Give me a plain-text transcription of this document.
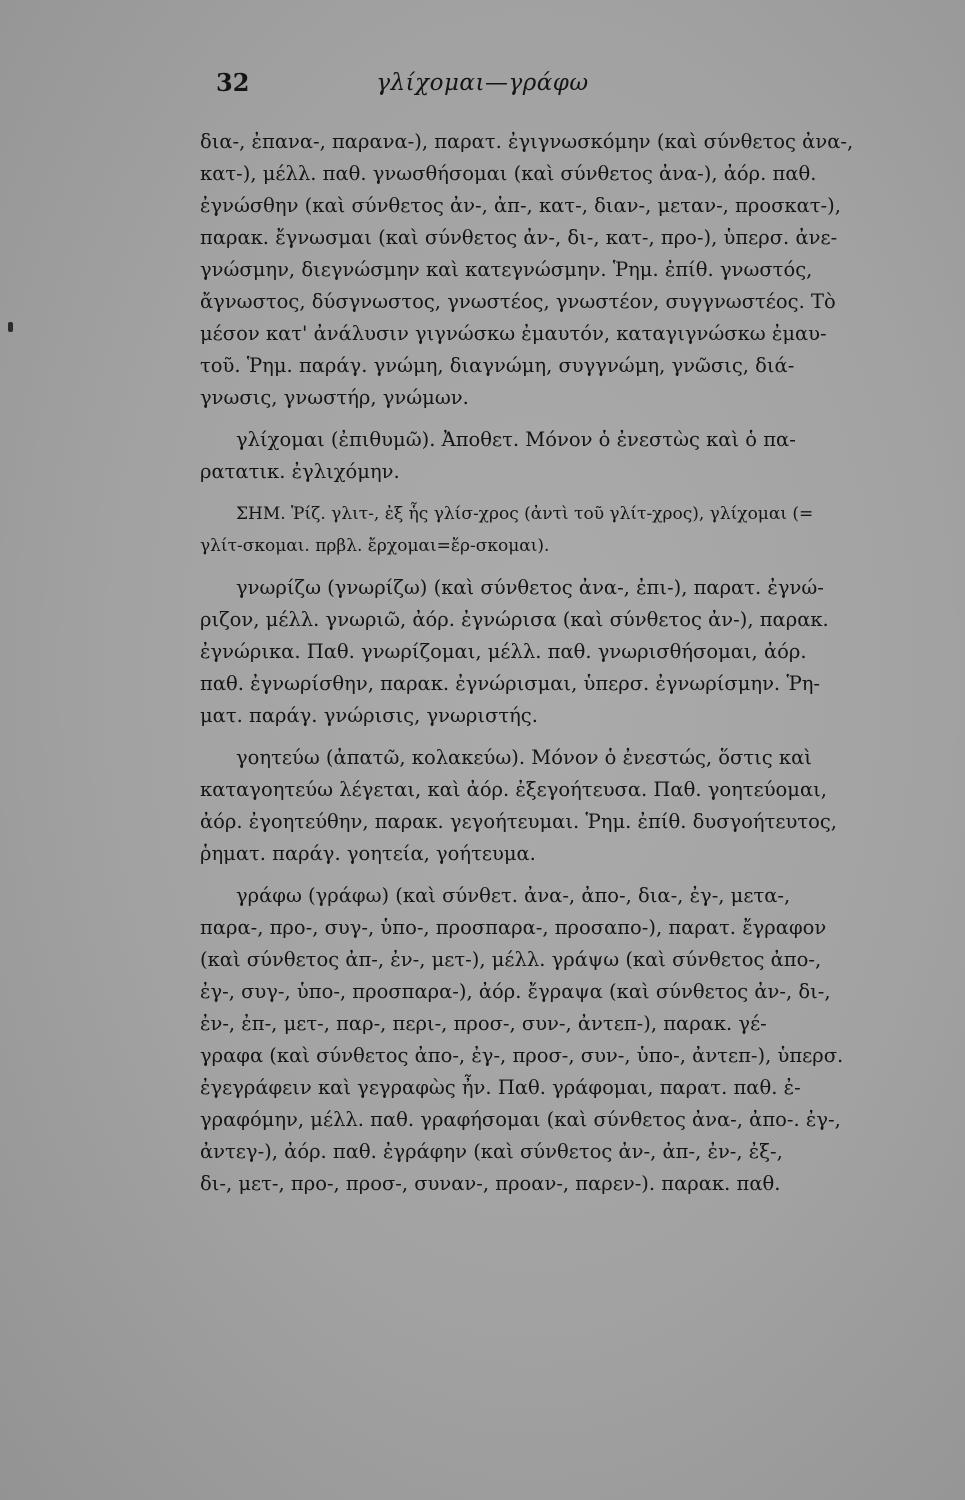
32	γλίχομαι—γράφω
δια-, ἐπανα-, παρανα-), παρατ. ἐγιγνωσκόμην (καὶ σύνθετος ἀνα-,
κατ-), μέλλ. παθ. γνωσθήσομαι (καὶ σύνθετος ἀνα-), ἀόρ. παθ.
ἐγνώσθην (καὶ σύνθετος ἀν-, ἀπ-, κατ-, διαν-, μεταν-, προσκατ-),
παρακ. ἔγνωσμαι (καὶ σύνθετος ἀν-, δι-, κατ-, προ-), ὑπερσ. ἀνε-
γνώσμην, διεγνώσμην καὶ κατεγνώσμην. Ῥημ. ἐπίθ. γνωστός,
ἄγνωστος, δύσγνωστος, γνωστέος, γνωστέον, συγγνωστέος. Τὸ
μέσον κατ' ἀνάλυσιν γιγνώσκω ἐμαυτόν, καταγιγνώσκω ἐμαυ-
τοῦ. Ῥημ. παράγ. γνώμη, διαγνώμη, συγγνώμη, γνῶσις, διά-
γνωσις, γνωστήρ, γνώμων.
γλίχομαι (ἐπιθυμῶ). Ἀποθετ. Μόνον ὁ ἐνεστὼς καὶ ὁ πα-
ρατατικ. ἐγλιχόμην.
ΣΗΜ. Ῥίζ. γλιτ-, ἐξ ἧς γλίσ-χρος (ἀντὶ τοῦ γλίτ-χρος), γλίχομαι (=
γλίτ-σκομαι. πρβλ. ἔρχομαι=ἔρ-σκομαι).
γνωρίζω (γνωρίζω) (καὶ σύνθετος ἀνα-, ἐπι-), παρατ. ἐγνώ-
ριζον, μέλλ. γνωριῶ, ἀόρ. ἐγνώρισα (καὶ σύνθετος ἀν-), παρακ.
ἐγνώρικα. Παθ. γνωρίζομαι, μέλλ. παθ. γνωρισθήσομαι, ἀόρ.
παθ. ἐγνωρίσθην, παρακ. ἐγνώρισμαι, ὑπερσ. ἐγνωρίσμην. Ῥη-
ματ. παράγ. γνώρισις, γνωριστής.
γοητεύω (ἀπατῶ, κολακεύω). Μόνον ὁ ἐνεστώς, ὅστις καὶ
καταγοητεύω λέγεται, καὶ ἀόρ. ἐξεγοήτευσα. Παθ. γοητεύομαι,
ἀόρ. ἐγοητεύθην, παρακ. γεγοήτευμαι. Ῥημ. ἐπίθ. δυσγοήτευτος,
ῥηματ. παράγ. γοητεία, γοήτευμα.
γράφω (γράφω) (καὶ σύνθετ. ἀνα-, ἀπο-, δια-, ἐγ-, μετα-,
παρα-, προ-, συγ-, ὑπο-, προσπαρα-, προσαπο-), παρατ. ἔγραφον
(καὶ σύνθετος ἀπ-, ἐν-, μετ-), μέλλ. γράψω (καὶ σύνθετος ἀπο-,
ἐγ-, συγ-, ὑπο-, προσπαρα-), ἀόρ. ἔγραψα (καὶ σύνθετος ἀν-, δι-,
ἐν-, ἐπ-, μετ-, παρ-, περι-, προσ-, συν-, ἀντεπ-), παρακ. γέ-
γραφα (καὶ σύνθετος ἀπο-, ἐγ-, προσ-, συν-, ὑπο-, ἀντεπ-), ὑπερσ.
ἐγεγράφειν καὶ γεγραφὼς ἦν. Παθ. γράφομαι, παρατ. παθ. ἐ-
γραφόμην, μέλλ. παθ. γραφήσομαι (καὶ σύνθετος ἀνα-, ἀπο-. ἐγ-,
ἀντεγ-), ἀόρ. παθ. ἐγράφην (καὶ σύνθετος ἀν-, ἀπ-, ἐν-, ἐξ-,
δι-, μετ-, προ-, προσ-, συναν-, προαν-, παρεν-). παρακ. παθ.
